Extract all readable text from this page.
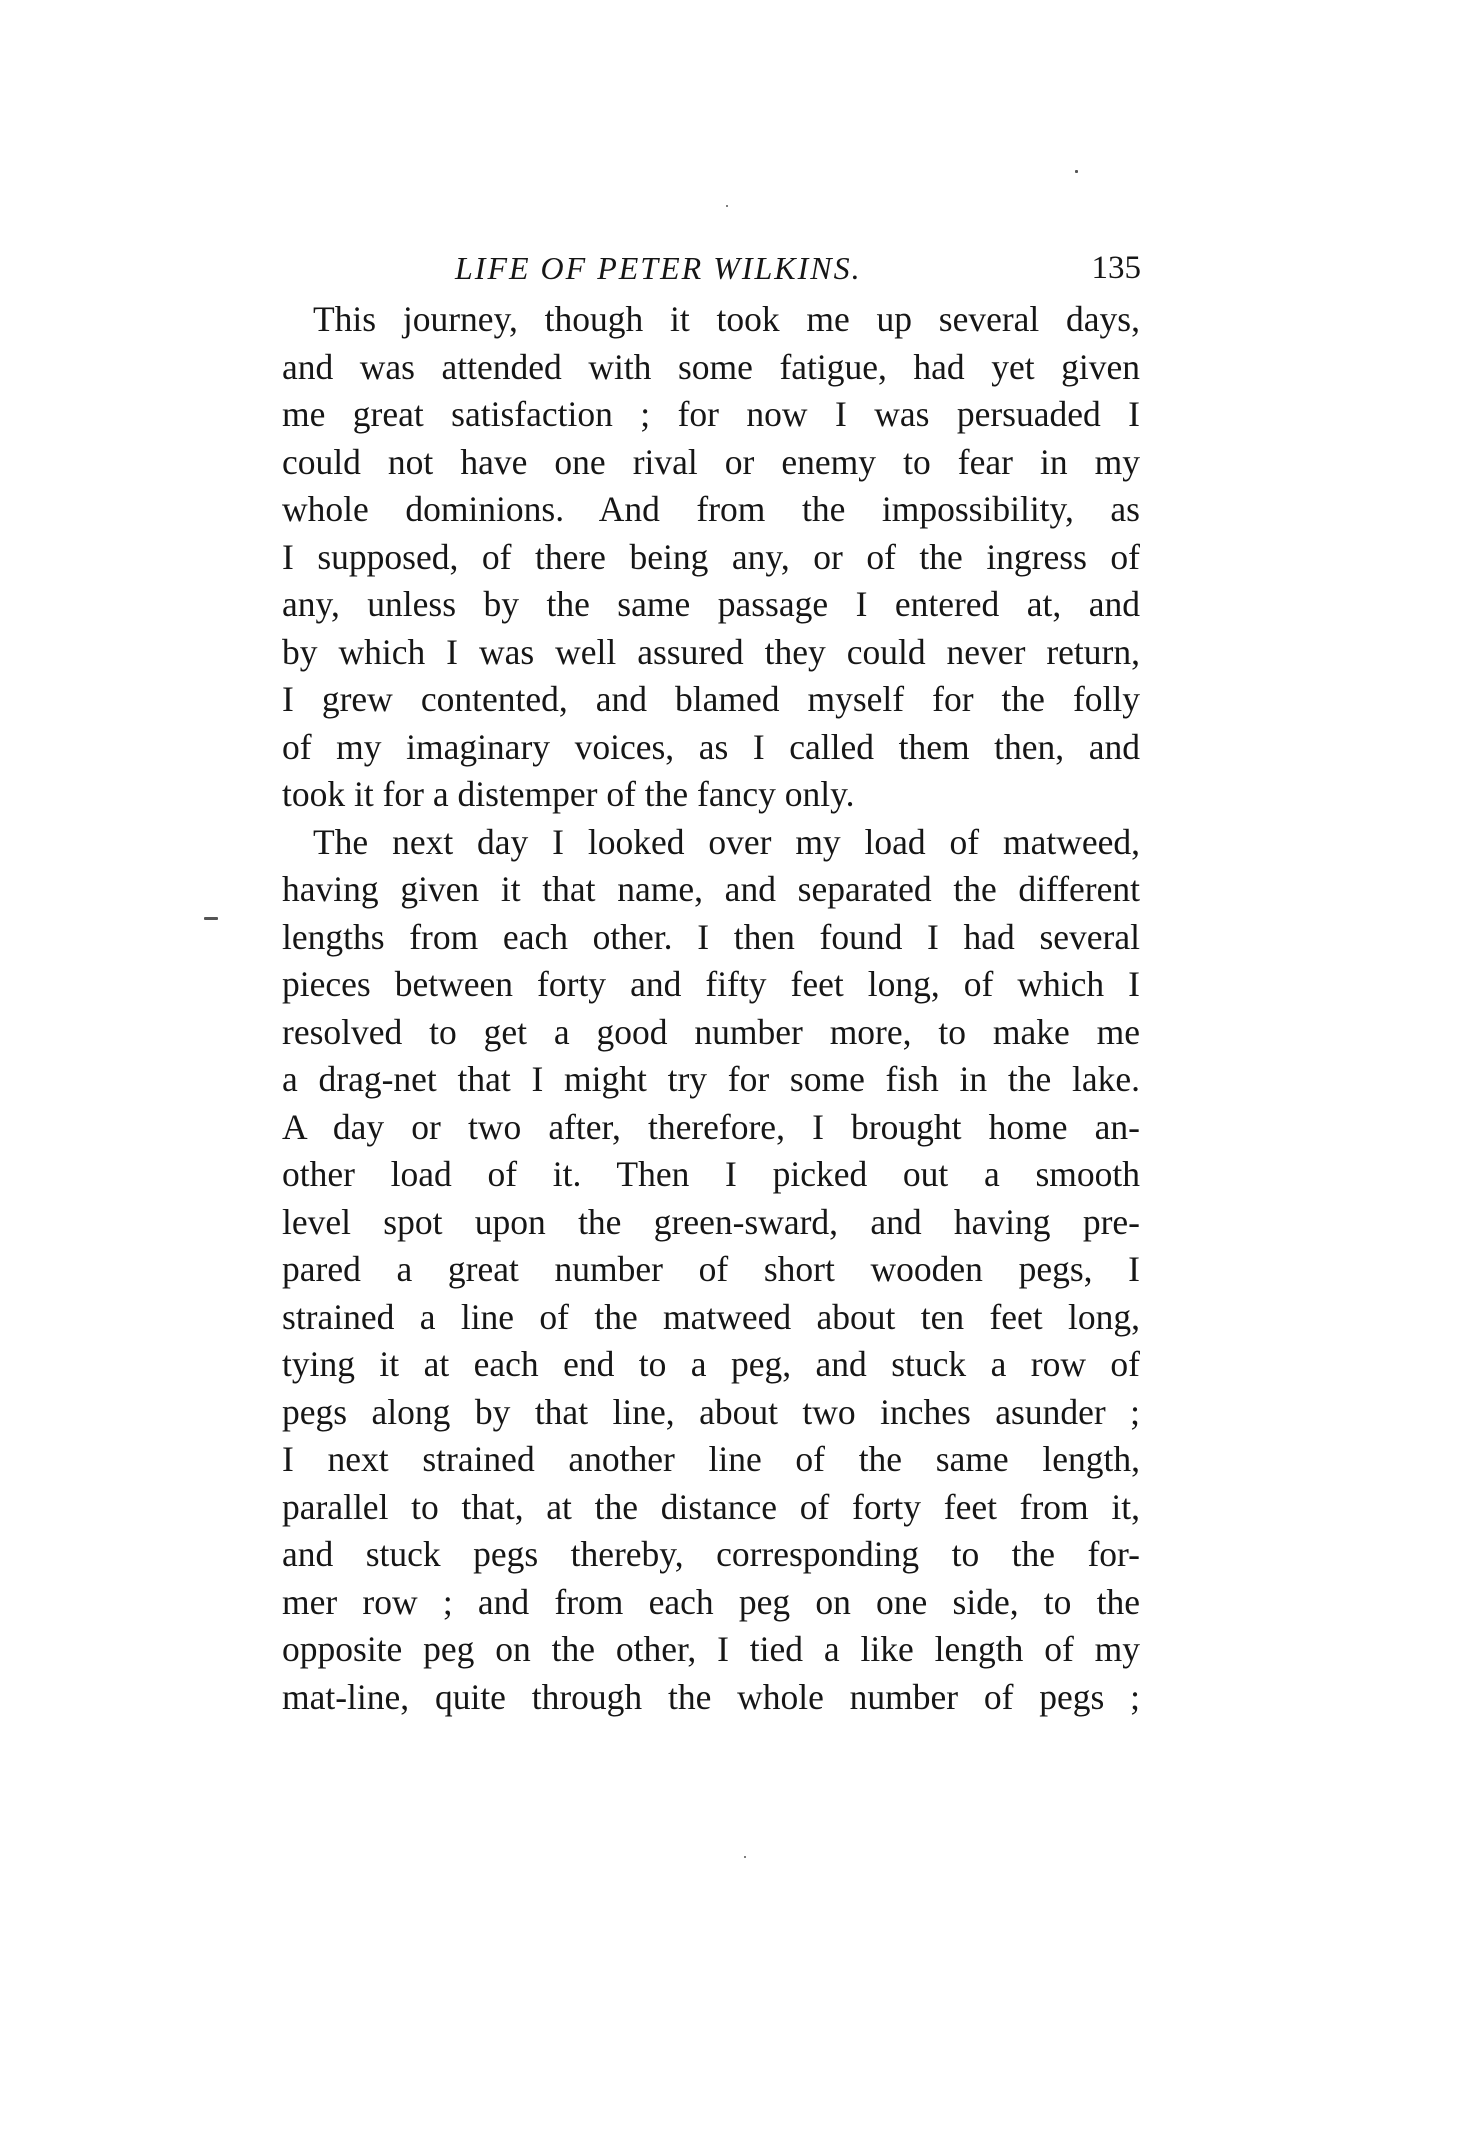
LIFE OF PETER WILKINS.	135
This journey, though it took me up several days,
and was attended with some fatigue, had yet given
me great satisfaction ; for now I was persuaded I
could not have one rival or enemy to fear in my
whole dominions. And from the impossibility, as
I supposed, of there being any, or of the ingress of
any, unless by the same passage I entered at, and
by which I was well assured they could never return,
I grew contented, and blamed myself for the folly
of my imaginary voices, as I called them then, and
took it for a distemper of the fancy only.
The next day I looked over my load of matweed,
having given it that name, and separated the different
lengths from each other. I then found I had several
pieces between forty and fifty feet long, of which I
resolved to get a good number more, to make me
a drag-net that I might try for some fish in the lake.
A day or two after, therefore, I brought home an-
other load of it. Then I picked out a smooth
level spot upon the green-sward, and having pre-
pared a great number of short wooden pegs, I
strained a line of the matweed about ten feet long,
tying it at each end to a peg, and stuck a row of
pegs along by that line, about two inches asunder ;
I next strained another line of the same length,
parallel to that, at the distance of forty feet from it,
and stuck pegs thereby, corresponding to the for-
mer row ; and from each peg on one side, to the
opposite peg on the other, I tied a like length of my
mat-line, quite through the whole number of pegs ;
